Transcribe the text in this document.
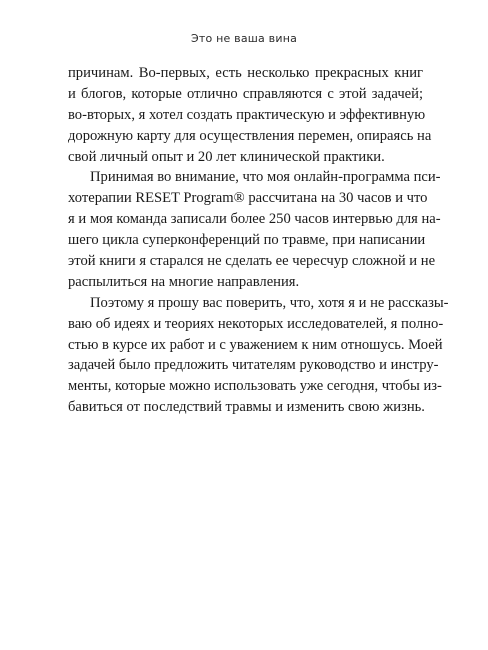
Это не ваша вина
причинам. Во-первых, есть несколько прекрасных книг
и блогов, которые отлично справляются с этой задачей;
во-вторых, я хотел создать практическую и эффективную
дорожную карту для осуществления перемен, опираясь на
свой личный опыт и 20 лет клинической практики.
Принимая во внимание, что моя онлайн-программа пси-
хотерапии RESET Program® рассчитана на 30 часов и что
я и моя команда записали более 250 часов интервью для на-
шего цикла суперконференций по травме, при написании
этой книги я старался не сделать ее чересчур сложной и не
распылиться на многие направления.
Поэтому я прошу вас поверить, что, хотя я и не рассказы-
ваю об идеях и теориях некоторых исследователей, я полно-
стью в курсе их работ и с уважением к ним отношусь. Моей
задачей было предложить читателям руководство и инстру-
менты, которые можно использовать уже сегодня, чтобы из-
бавиться от последствий травмы и изменить свою жизнь.
